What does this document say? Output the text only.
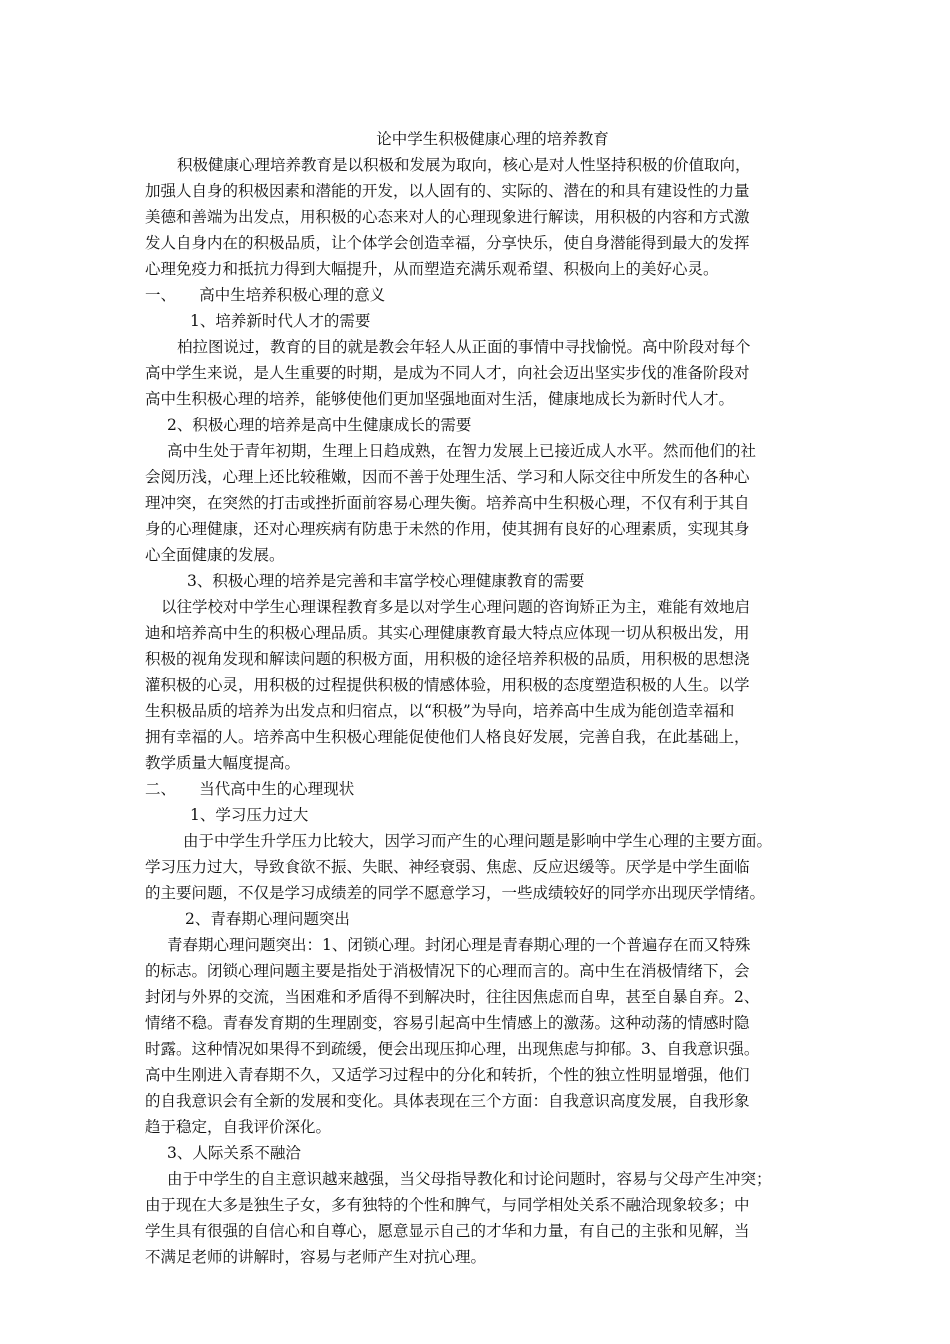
论中学生积极健康心理的培养教育
积极健康心理培养教育是以积极和发展为取向，核心是对人性坚持积极的价值取向，
加强人自身的积极因素和潜能的开发，以人固有的、实际的、潜在的和具有建设性的力量
美德和善端为出发点，用积极的心态来对人的心理现象进行解读，用积极的内容和方式激
发人自身内在的积极品质，让个体学会创造幸福，分享快乐，使自身潜能得到最大的发挥
心理免疫力和抵抗力得到大幅提升，从而塑造充满乐观希望、积极向上的美好心灵。
一、　　高中生培养积极心理的意义
1、培养新时代人才的需要
柏拉图说过，教育的目的就是教会年轻人从正面的事情中寻找愉悦。高中阶段对每个
高中学生来说，是人生重要的时期，是成为不同人才，向社会迈出坚实步伐的准备阶段对
高中生积极心理的培养，能够使他们更加坚强地面对生活，健康地成长为新时代人才。
2、积极心理的培养是高中生健康成长的需要
高中生处于青年初期，生理上日趋成熟，在智力发展上已接近成人水平。然而他们的社
会阅历浅，心理上还比较稚嫩，因而不善于处理生活、学习和人际交往中所发生的各种心
理冲突，在突然的打击或挫折面前容易心理失衡。培养高中生积极心理，不仅有利于其自
身的心理健康，还对心理疾病有防患于未然的作用，使其拥有良好的心理素质，实现其身
心全面健康的发展。
3、积极心理的培养是完善和丰富学校心理健康教育的需要
以往学校对中学生心理课程教育多是以对学生心理问题的咨询矫正为主，难能有效地启
迪和培养高中生的积极心理品质。其实心理健康教育最大特点应体现一切从积极出发，用
积极的视角发现和解读问题的积极方面，用积极的途径培养积极的品质，用积极的思想浇
灌积极的心灵，用积极的过程提供积极的情感体验，用积极的态度塑造积极的人生。以学
生积极品质的培养为出发点和归宿点，以“积极”为导向，培养高中生成为能创造幸福和
拥有幸福的人。培养高中生积极心理能促使他们人格良好发展，完善自我，在此基础上，
教学质量大幅度提高。
二、　　当代高中生的心理现状
1、学习压力过大
由于中学生升学压力比较大，因学习而产生的心理问题是影响中学生心理的主要方面。
学习压力过大，导致食欲不振、失眠、神经衰弱、焦虑、反应迟缓等。厌学是中学生面临
的主要问题，不仅是学习成绩差的同学不愿意学习，一些成绩较好的同学亦出现厌学情绪。
2、青春期心理问题突出
青春期心理问题突出：1、闭锁心理。封闭心理是青春期心理的一个普遍存在而又特殊
的标志。闭锁心理问题主要是指处于消极情况下的心理而言的。高中生在消极情绪下，会
封闭与外界的交流，当困难和矛盾得不到解决时，往往因焦虑而自卑，甚至自暴自弃。2、
情绪不稳。青春发育期的生理剧变，容易引起高中生情感上的激荡。这种动荡的情感时隐
时露。这种情况如果得不到疏缓，便会出现压抑心理，出现焦虑与抑郁。3、自我意识强。
高中生刚进入青春期不久，又适学习过程中的分化和转折，个性的独立性明显增强，他们
的自我意识会有全新的发展和变化。具体表现在三个方面：自我意识高度发展，自我形象
趋于稳定，自我评价深化。
3、人际关系不融洽
由于中学生的自主意识越来越强，当父母指导教化和讨论问题时，容易与父母产生冲突；
由于现在大多是独生子女，多有独特的个性和脾气，与同学相处关系不融洽现象较多；中
学生具有很强的自信心和自尊心，愿意显示自己的才华和力量，有自己的主张和见解，当
不满足老师的讲解时，容易与老师产生对抗心理。
